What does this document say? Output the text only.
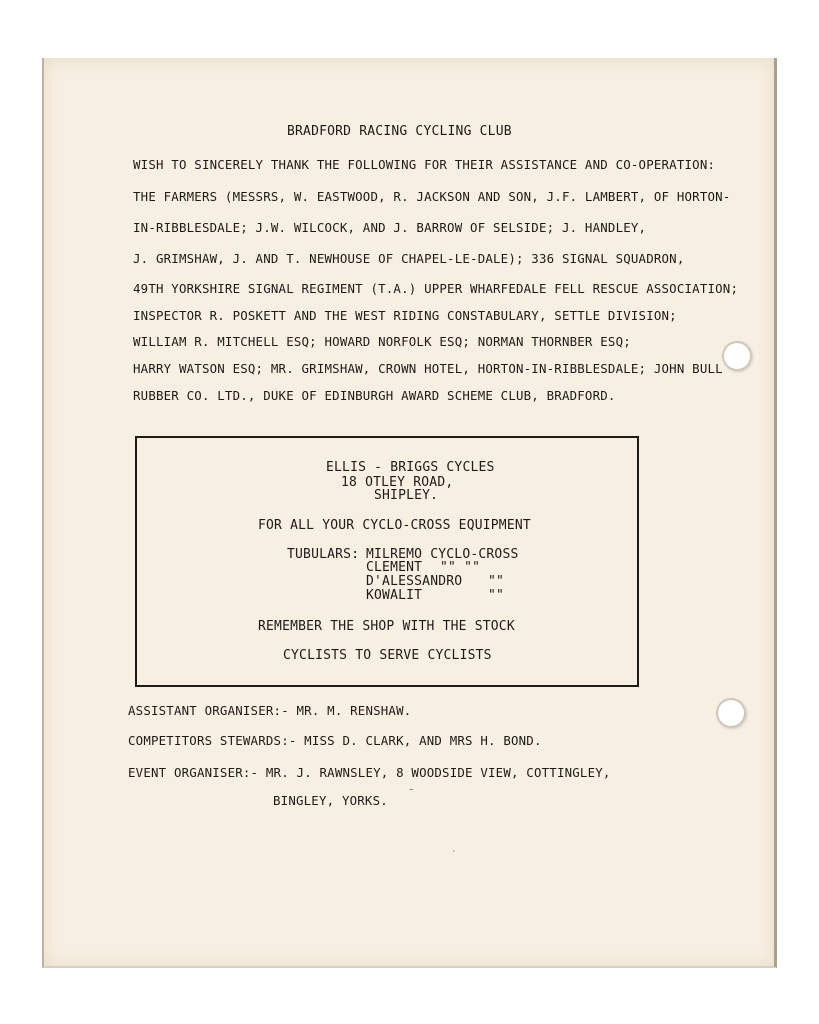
BRADFORD RACING CYCLING CLUB
WISH TO SINCERELY THANK THE FOLLOWING FOR THEIR ASSISTANCE AND CO-OPERATION:
THE FARMERS (MESSRS, W. EASTWOOD, R. JACKSON AND SON, J.F. LAMBERT, OF HORTON-
IN-RIBBLESDALE; J.W. WILCOCK, AND J. BARROW OF SELSIDE; J. HANDLEY,
J. GRIMSHAW, J. AND T. NEWHOUSE OF CHAPEL-LE-DALE); 336 SIGNAL SQUADRON,
49TH YORKSHIRE SIGNAL REGIMENT (T.A.) UPPER WHARFEDALE FELL RESCUE ASSOCIATION;
INSPECTOR R. POSKETT AND THE WEST RIDING CONSTABULARY, SETTLE DIVISION;
WILLIAM R. MITCHELL ESQ; HOWARD NORFOLK ESQ; NORMAN THORNBER ESQ;
HARRY WATSON ESQ; MR. GRIMSHAW, CROWN HOTEL, HORTON-IN-RIBBLESDALE; JOHN BULL
RUBBER CO. LTD., DUKE OF EDINBURGH AWARD SCHEME CLUB, BRADFORD.
ELLIS - BRIGGS CYCLES
18 OTLEY ROAD,
SHIPLEY.
FOR ALL YOUR CYCLO-CROSS EQUIPMENT
TUBULARS: MILREMO CYCLO-CROSS
CLEMENT "" ""
D'ALESSANDRO ""
KOWALIT	""
REMEMBER THE SHOP WITH THE STOCK
CYCLISTS TO SERVE CYCLISTS
ASSISTANT ORGANISER:- MR. M. RENSHAW.
COMPETITORS STEWARDS:- MISS D. CLARK, AND MRS H. BOND.
EVENT ORGANISER:- MR. J. RAWNSLEY, 8 WOODSIDE VIEW, COTTINGLEY,
BINGLEY, YORKS. ˉ
ˋ
